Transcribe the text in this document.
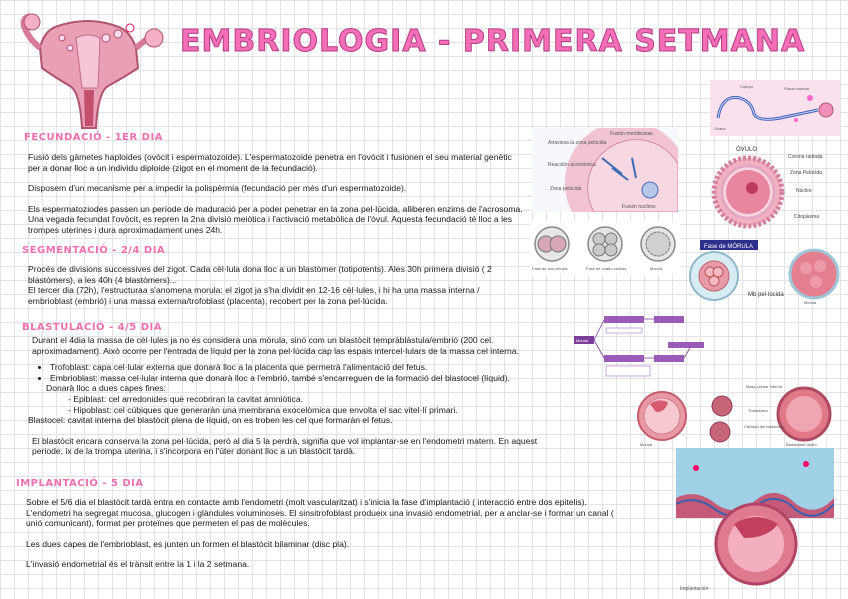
EMBRIOLOGIA - PRIMERA SETMANA
FECUNDACIÓ - 1ER DIA
Fusió dels gàmetes haploides (ovòcit i espermatozoide). L'espermatozoide penetra en l'ovòcit i fusionen el seu material genètic per a donar lloc a un individu diploide (zigot en el moment de la fecundació).
Disposem d'un mecanisme per a impedir la polispèrmia (fecundació per més d'un espermatozoide).
Els espermatoziodes passen un període de maduració per a poder penetrar en la zona pel·lúcida, alliberen enzims de l'acrosoma. Una vegada fecundat l'ovòcit, es repren la 2na divisió meiòtica i l'activació metabòlica de l'òvul. Aquesta fecundació té lloc a les trompes uterines i dura aproximadament unes 24h.
SEGMENTACIÓ - 2/4 DIA
Procés de divisions successives del zigot. Cada cèl·lula dona lloc a un blastòmer (totipotents). Ales 30h primera divisió ( 2 blastòmers), a les 40h (4 blastòmers)...
El tercer dia (72h), l'estructuraa s'anomena morula: el zigot ja s'ha dividit en 12-16 cèl·lules, i hi ha una massa interna / embrioblast (embrió) i una massa externa/trofoblast (placenta), recobert per la zona pel·lúcida.
BLASTULACIÓ - 4/5 DIA
Durant el 4dia la massa de cèl·lules ja no és considera una mòrula, sinó com un blastòcit tempràblàstula/embrió (200 cel. aproximadament). Això ocorre per l'entrada de líquid per la zona pel·lúcida cap las espais intercel·lulars de la massa cel interna.
• Trofoblast: capa cel·lular externa que donarà lloc a la placenta que permetrà l'alimentació del fetus.
• Embrioblast: massa cel·lular interna que donarà lloc a l'embrió, també s'encarreguen de la formació del blastocel (líquid).
Donarà lloc a dues capes fines:
- Epiblast: cel arredonides que recobriran la cavitat amniòtica.
- Hipoblast: cel cúbiques que generaràn una membrana exocelòmica que envolta el sac vitel·lí primari.
Blastocel: cavitat interna del blastòcit plena de líquid, on es troben les cel que formaràn el fetus.
El blastòcit encara conserva la zona pel·lúcida, però al dia 5 la perdrà, signifia que vol implantar-se en l'endometri matern. En aquest periode, ix de la trompa uterina, i s'incorpora en l'úter donant lloc a un blastòcit tardà.
IMPLANTACIÓ - 5 DIA
Sobre el 5/6 dia el blastòcit tardà entra en contacte amb l'endometri (molt vascularitzat) i s'inicia la fase d'implantació ( interacció entre dos epitelis). L'endometri ha segregat mucosa, glucogen i glàndules voluminoses. El sinsitrofoblast produeix una invasió endometrial, per a anclar-se i formar un canal ( unió comunicant), format per proteïnes que permeten el pas de molècules.
Les dues capes de l'embrioblast, es junten un formen el blastòcit bilaminar (disc pla).
L'invasió endometrial és el trànsit entre la 1 i la 2 setmana.
Cuerpo	Placa rotunda
Ovario
Fusión membranas
Atraviesa la zona pelúcida
Reacción acrosómica
Zona pelúcida
Fusión nucleos
ÓVULO
Corona radiada
Zona Pelúcida
Núcleo
Citoplasma
Fase de dos células	Fase de cuatro células	Mórula
Fase de MÓRULA
Mb pel·lúcida
Mórula
Mórula
Masa celular interna
Trofoblasto
Cavidad del blastocisto
Mórula	Blastocisto tardío
Implantación
